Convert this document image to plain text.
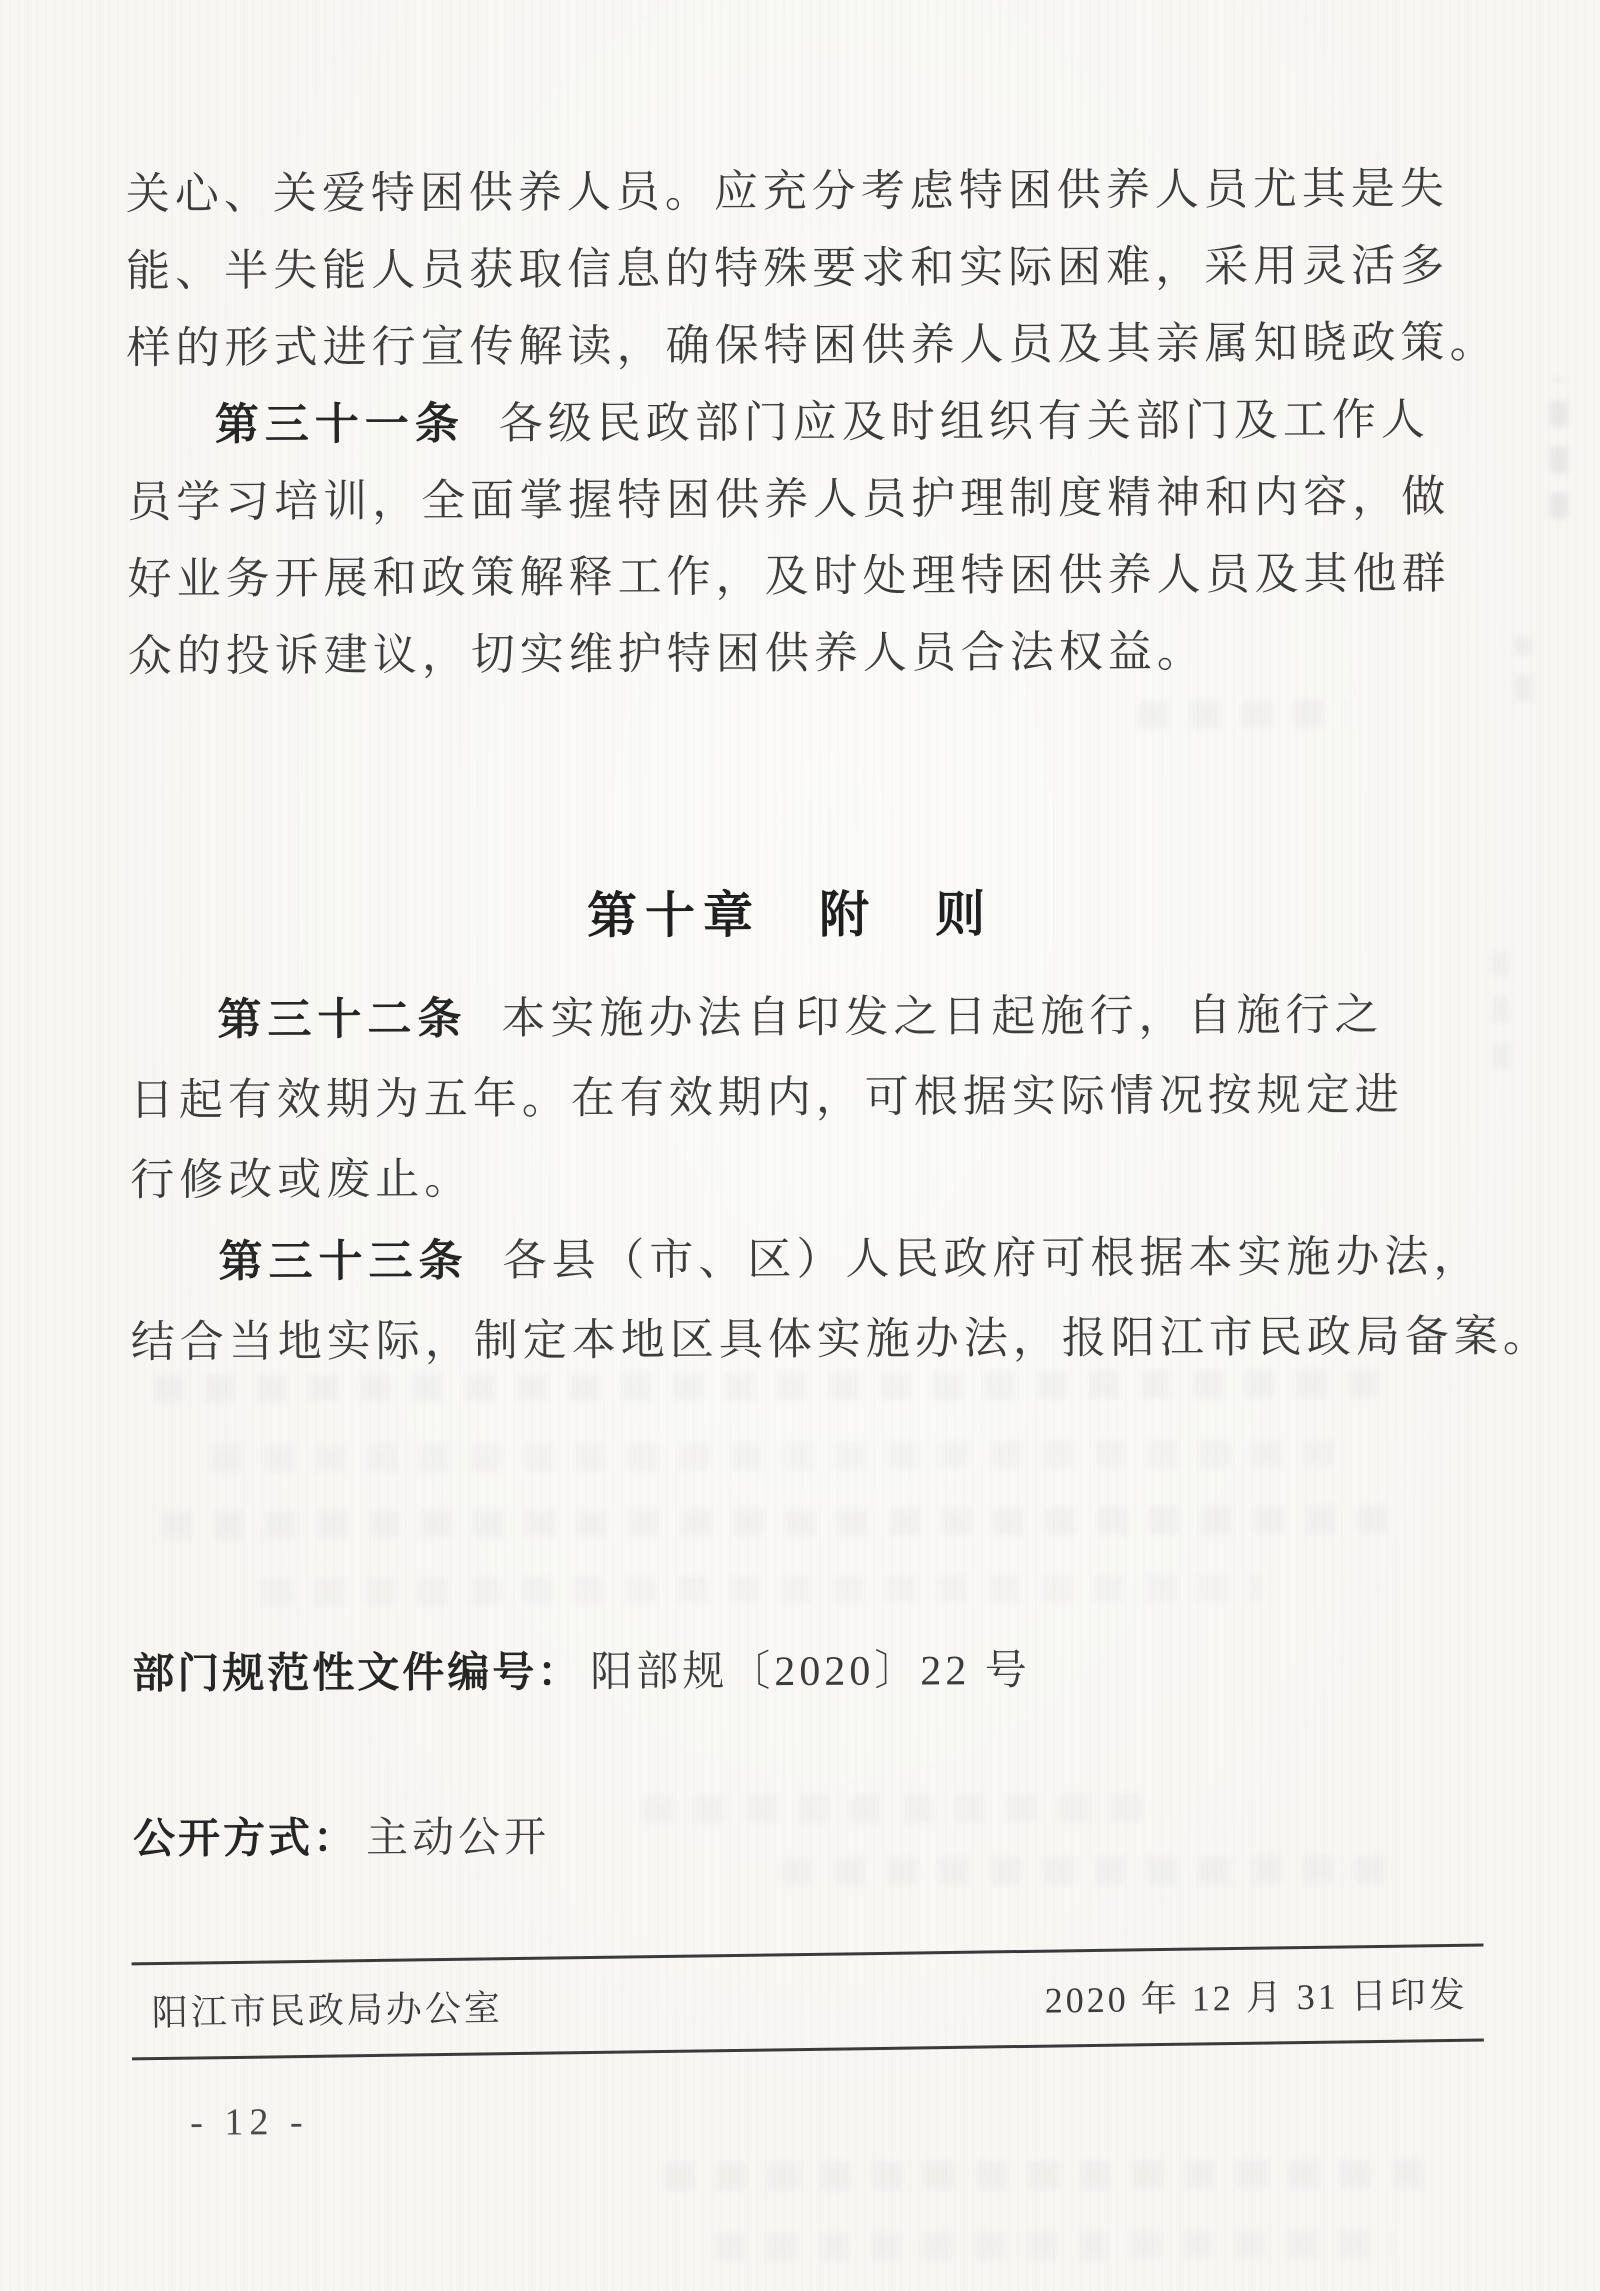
关心、关爱特困供养人员。应充分考虑特困供养人员尤其是失
能、半失能人员获取信息的特殊要求和实际困难，采用灵活多
样的形式进行宣传解读，确保特困供养人员及其亲属知晓政策。
第三十一条 各级民政部门应及时组织有关部门及工作人
员学习培训，全面掌握特困供养人员护理制度精神和内容，做
好业务开展和政策解释工作，及时处理特困供养人员及其他群
众的投诉建议，切实维护特困供养人员合法权益。
第十章　附　则
第三十二条 本实施办法自印发之日起施行，自施行之
日起有效期为五年。在有效期内，可根据实际情况按规定进
行修改或废止。
第三十三条 各县（市、区）人民政府可根据本实施办法，
结合当地实际，制定本地区具体实施办法，报阳江市民政局备案。
部门规范性文件编号： 阳部规〔2020〕22 号
公开方式： 主动公开
阳江市民政局办公室	2020 年 12 月 31 日印发
- 12 -
